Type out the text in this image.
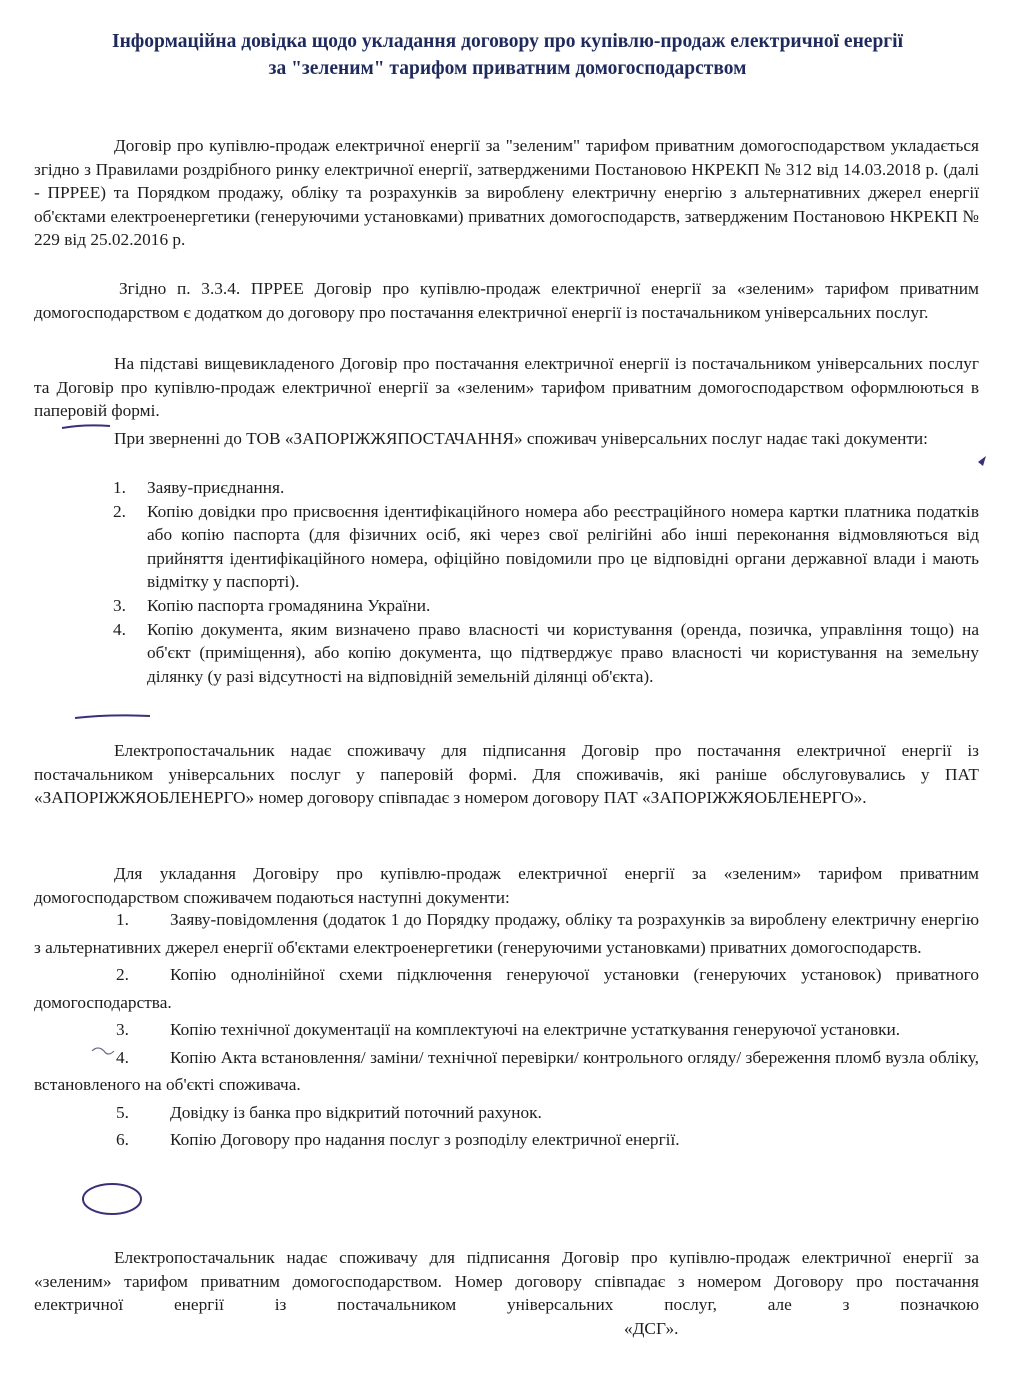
Інформаційна довідка щодо укладання договору про купівлю-продаж електричної енергії
за "зеленим" тарифом приватним домогосподарством

Договір про купівлю-продаж електричної енергії за "зеленим" тарифом приватним домогосподарством укладається згідно з Правилами роздрібного ринку електричної енергії, затвердженими Постановою НКРЕКП № 312 від 14.03.2018 р. (далі - ПРРЕЕ) та Порядком продажу, обліку та розрахунків за вироблену електричну енергію з альтернативних джерел енергії об'єктами електроенергетики (генеруючими установками) приватних домогосподарств, затвердженим Постановою НКРЕКП № 229 від 25.02.2016 р.

Згідно п. 3.3.4. ПРРЕЕ Договір про купівлю-продаж електричної енергії за «зеленим» тарифом приватним домогосподарством є додатком до договору про постачання електричної енергії із постачальником універсальних послуг.

На підставі вищевикладеного Договір про постачання електричної енергії із постачальником універсальних послуг та Договір про купівлю-продаж електричної енергії за «зеленим» тарифом приватним домогосподарством оформлюються в паперовій формі.

При зверненні до ТОВ «ЗАПОРІЖЖЯПОСТАЧАННЯ» споживач універсальних послуг надає такі документи:

1. Заяву-приєднання.
2. Копію довідки про присвоєння ідентифікаційного номера або реєстраційного номера картки платника податків або копію паспорта (для фізичних осіб, які через свої релігійні або інші переконання відмовляються від прийняття ідентифікаційного номера, офіційно повідомили про це відповідні органи державної влади і мають відмітку у паспорті).
3. Копію паспорта громадянина України.
4. Копію документа, яким визначено право власності чи користування (оренда, позичка, управління тощо) на об'єкт (приміщення), або копію документа, що підтверджує право власності чи користування на земельну ділянку (у разі відсутності на відповідній земельній ділянці об'єкта).

Електропостачальник надає споживачу для підписання Договір про постачання електричної енергії із постачальником універсальних послуг у паперовій формі. Для споживачів, які раніше обслуговувались у ПАТ «ЗАПОРІЖЖЯОБЛЕНЕРГО» номер договору співпадає з номером договору ПАТ «ЗАПОРІЖЖЯОБЛЕНЕРГО».

Для укладання Договіру про купівлю-продаж електричної енергії за «зеленим» тарифом приватним домогосподарством споживачем подаються наступні документи:

1. Заяву-повідомлення (додаток 1 до Порядку продажу, обліку та розрахунків за вироблену електричну енергію з альтернативних джерел енергії об'єктами електроенергетики (генеруючими установками) приватних домогосподарств.
2. Копію однолінійної схеми підключення генеруючої установки (генеруючих установок) приватного домогосподарства.
3. Копію технічної документації на комплектуючі на електричне устаткування генеруючої установки.
4. Копію Акта встановлення/ заміни/ технічної перевірки/ контрольного огляду/ збереження пломб вузла обліку, встановленого на об'єкті споживача.
5. Довідку із банка про відкритий поточний рахунок.
6. Копію Договору про надання послуг з розподілу електричної енергії.

Електропостачальник надає споживачу для підписання Договір про купівлю-продаж електричної енергії за «зеленим» тарифом приватним домогосподарством. Номер договору співпадає з номером Договору про постачання електричної енергії із постачальником універсальних послуг, але з позначкою«ДСГ».
